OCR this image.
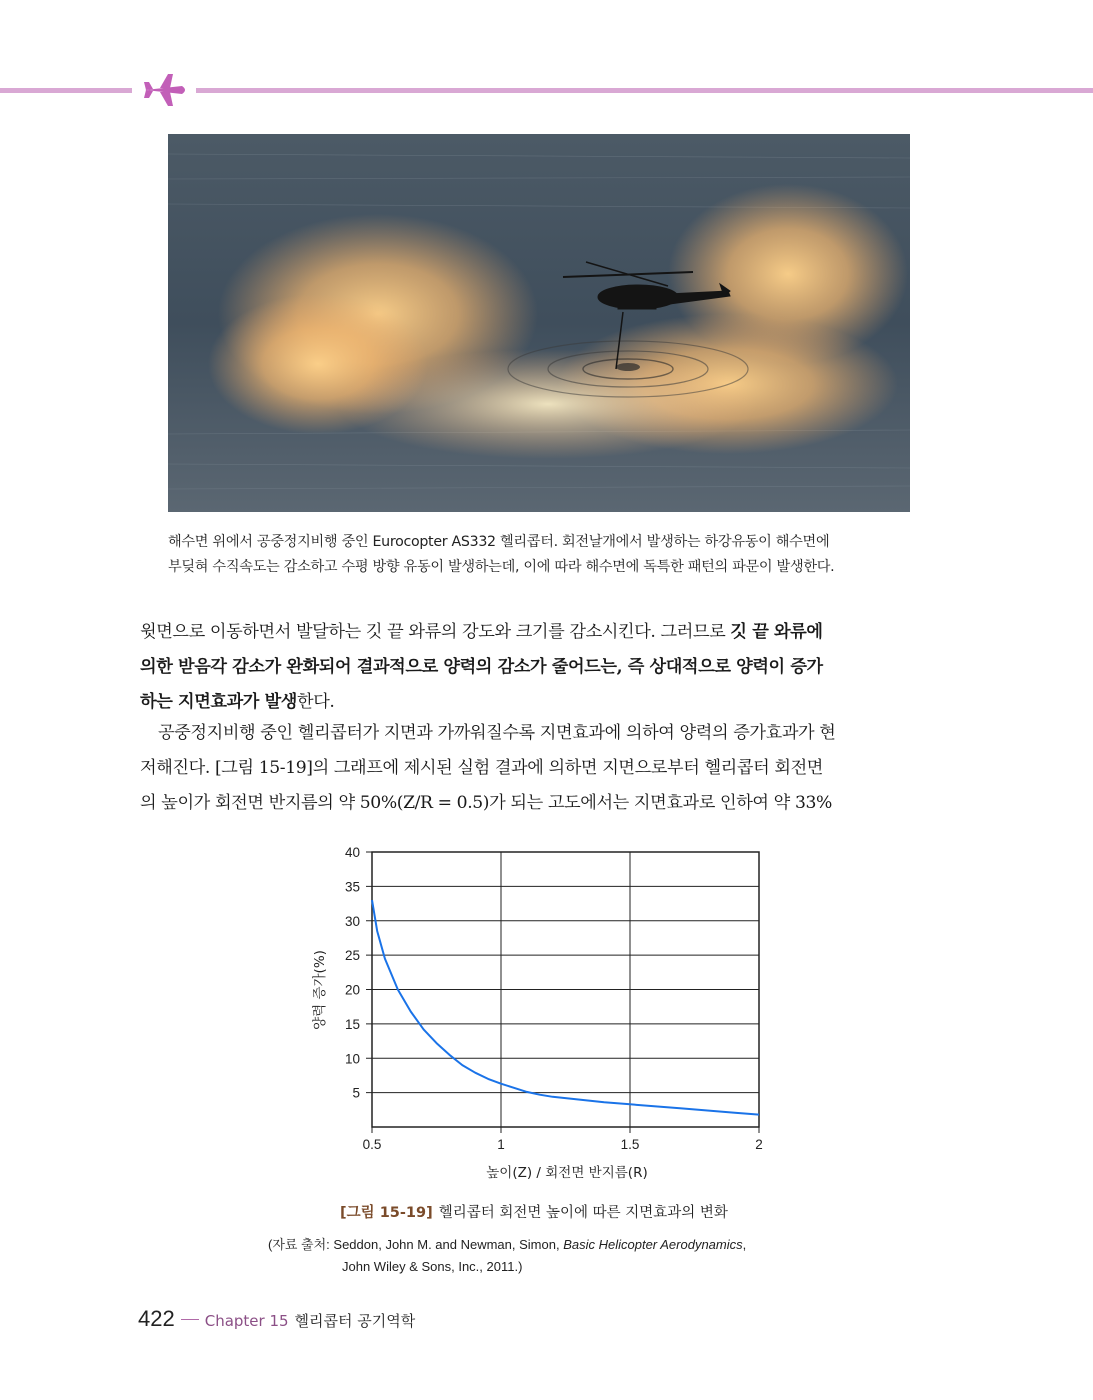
해수면 위에서 공중정지비행 중인 Eurocopter AS332 헬리콥터. 회전날개에서 발생하는 하강유동이 해수면에
부딪혀 수직속도는 감소하고 수평 방향 유동이 발생하는데, 이에 따라 해수면에 독특한 패턴의 파문이 발생한다.
윗면으로 이동하면서 발달하는 깃 끝 와류의 강도와 크기를 감소시킨다. 그러므로 깃 끝 와류에
의한 받음각 감소가 완화되어 결과적으로 양력의 감소가 줄어드는, 즉 상대적으로 양력이 증가
하는 지면효과가 발생한다.
공중정지비행 중인 헬리콥터가 지면과 가까워질수록 지면효과에 의하여 양력의 증가효과가 현
저해진다. [그림 15-19]의 그래프에 제시된 실험 결과에 의하면 지면으로부터 헬리콥터 회전면
의 높이가 회전면 반지름의 약 50%(Z/R = 0.5)가 되는 고도에서는 지면효과로 인하여 약 33%
5
10
15
20
25
30
35
40
0.5	1	1.5	2
높이(Z) / 회전면 반지름(R)
양력 증가(%)
[그림 15-19] 헬리콥터 회전면 높이에 따른 지면효과의 변화
(자료 출처: Seddon, John M. and Newman, Simon, Basic Helicopter Aerodynamics,
John Wiley & Sons, Inc., 2011.)
422 Chapter 15 헬리콥터 공기역학
